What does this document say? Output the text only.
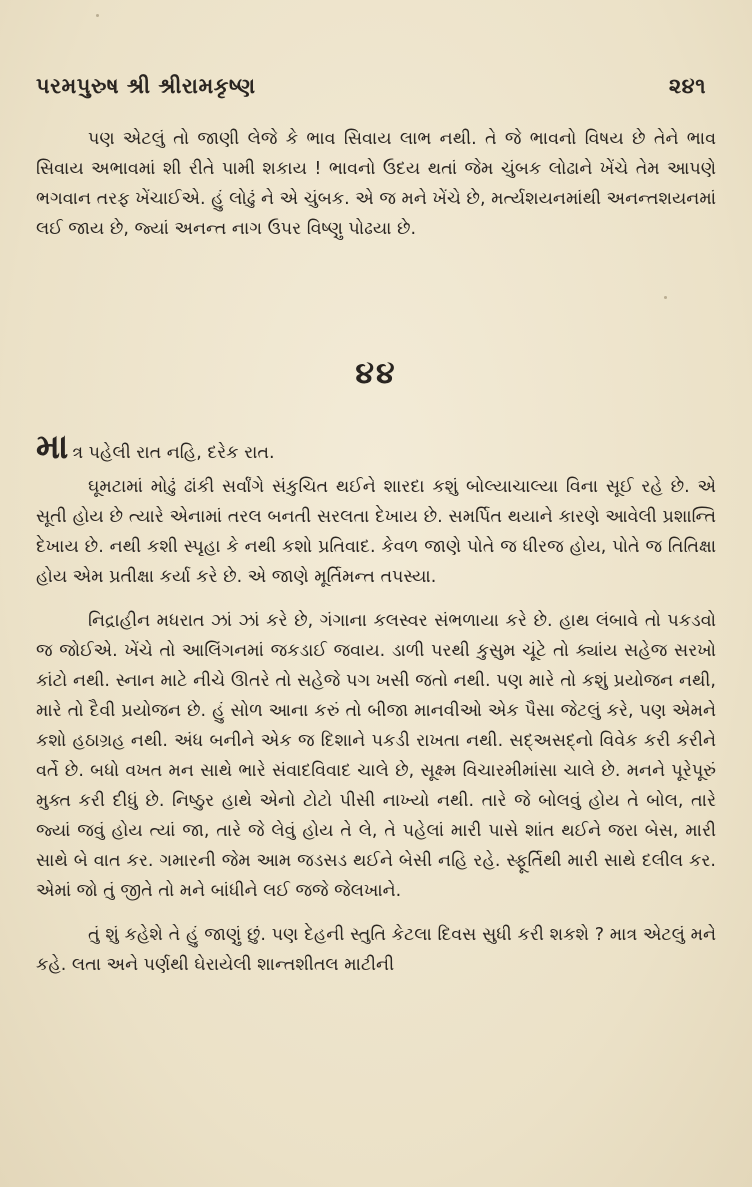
પરમપુરુષ શ્રી શ્રીરામકૃષ્ણ	૨૪૧

પણ એટલું તો જાણી લેજે કે ભાવ સિવાય લાભ નથી. તે જે ભાવનો વિષય છે તેને ભાવ સિવાય અભાવમાં શી રીતે પામી શકાય ! ભાવનો ઉદય થતાં જેમ ચુંબક લોઢાને ખેંચે તેમ આપણે ભગવાન તરફ ખેંચાઈએ. હું લોઢું ને એ ચુંબક. એ જ મને ખેંચે છે, મર્ત્યશયનમાંથી અનન્તશયનમાં લઈ જાય છે, જ્યાં અનન્ત નાગ ઉપર વિષ્ણુ પોઢયા છે.

૪૪

માત્ર પહેલી રાત નહિ, દરેક રાત.

ઘૂમટામાં મોઢું ઢાંકી સર્વાંગે સંકુચિત થઈને શારદા કશું બોલ્યાચાલ્યા વિના સૂઈ રહે છે. એ સૂતી હોય છે ત્યારે એનામાં તરલ બનતી સરલતા દેખાય છે. સમર્પિત થયાને કારણે આવેલી પ્રશાન્તિ દેખાય છે. નથી કશી સ્પૃહા કે નથી કશો પ્રતિવાદ. કેવળ જાણે પોતે જ ધીરજ હોય, પોતે જ તિતિક્ષા હોય એમ પ્રતીક્ષા કર્યા કરે છે. એ જાણે મૂર્તિમન્ત તપસ્યા.

નિદ્રાહીન મધરાત ઝાં ઝાં કરે છે, ગંગાના કલસ્વર સંભળાયા કરે છે. હાથ લંબાવે તો પકડવો જ જોઈએ. ખેંચે તો આલિંગનમાં જકડાઈ જવાય. ડાળી પરથી કુસુમ ચૂંટે તો ક્યાંય સહેજ સરખો કાંટો નથી. સ્નાન માટે નીચે ઊતરે તો સહેજે પગ ખસી જતો નથી. પણ મારે તો કશું પ્રયોજન નથી, મારે તો દૈવી પ્રયોજન છે. હું સોળ આના કરું તો બીજા માનવીઓ એક પૈસા જેટલું કરે, પણ એમને કશો હઠાગ્રહ નથી. અંધ બનીને એક જ દિશાને પકડી રાખતા નથી. સદ્અસદ્નો વિવેક કરી કરીને વર્તે છે. બધો વખત મન સાથે ભારે સંવાદવિવાદ ચાલે છે, સૂક્ષ્મ વિચારમીમાંસા ચાલે છે. મનને પૂરેપૂરું મુક્ત કરી દીધું છે. નિષ્ઠુર હાથે એનો ટોટો પીસી નાખ્યો નથી. તારે જે બોલવું હોય તે બોલ, તારે જ્યાં જવું હોય ત્યાં જા, તારે જે લેવું હોય તે લે, તે પહેલાં મારી પાસે શાંત થઈને જરા બેસ, મારી સાથે બે વાત કર. ગમારની જેમ આમ જડસડ થઈને બેસી નહિ રહે. સ્ફૂર્તિથી મારી સાથે દલીલ કર. એમાં જો તું જીતે તો મને બાંધીને લઈ જજે જેલખાને.

તું શું કહેશે તે હું જાણું છું. પણ દેહની સ્તુતિ કેટલા દિવસ સુધી કરી શકશે ? માત્ર એટલું મને કહે. લતા અને પર્ણથી ઘેરાયેલી શાન્તશીતલ માટીની
